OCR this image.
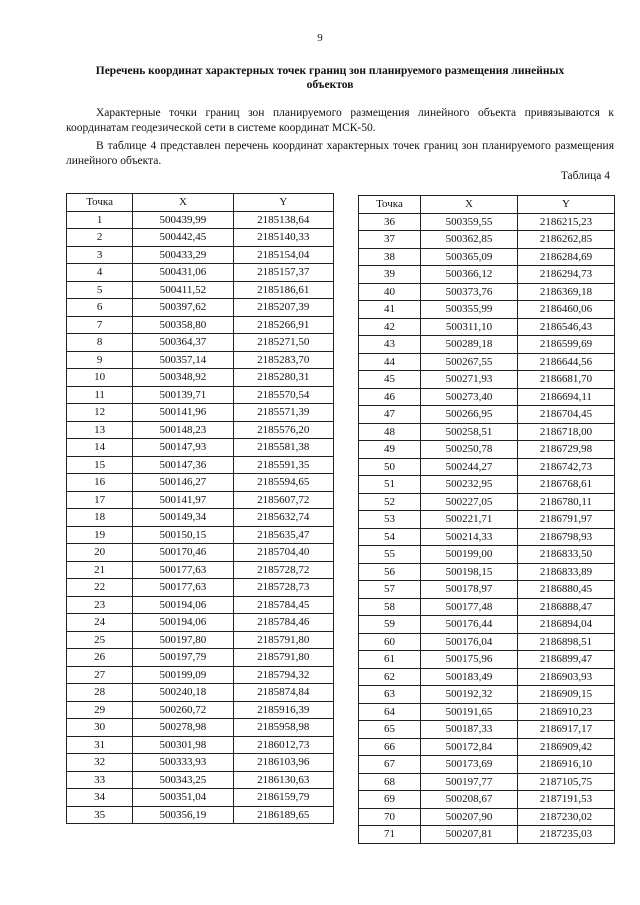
9
Перечень координат характерных точек границ зон планируемого размещения линейных объектов
Характерные точки границ зон планируемого размещения линейного объекта привязываются к координатам геодезической сети в системе координат МСК-50.
В таблице 4 представлен перечень координат характерных точек границ зон планируемого размещения линейного объекта.
Таблица 4
Точка	X	Y
1	500439,99	2185138,64
2	500442,45	2185140,33
3	500433,29	2185154,04
4	500431,06	2185157,37
5	500411,52	2185186,61
6	500397,62	2185207,39
7	500358,80	2185266,91
8	500364,37	2185271,50
9	500357,14	2185283,70
10	500348,92	2185280,31
11	500139,71	2185570,54
12	500141,96	2185571,39
13	500148,23	2185576,20
14	500147,93	2185581,38
15	500147,36	2185591,35
16	500146,27	2185594,65
17	500141,97	2185607,72
18	500149,34	2185632,74
19	500150,15	2185635,47
20	500170,46	2185704,40
21	500177,63	2185728,72
22	500177,63	2185728,73
23	500194,06	2185784,45
24	500194,06	2185784,46
25	500197,80	2185791,80
26	500197,79	2185791,80
27	500199,09	2185794,32
28	500240,18	2185874,84
29	500260,72	2185916,39
30	500278,98	2185958,98
31	500301,98	2186012,73
32	500333,93	2186103,96
33	500343,25	2186130,63
34	500351,04	2186159,79
35	500356,19	2186189,65
Точка	X	Y
36	500359,55	2186215,23
37	500362,85	2186262,85
38	500365,09	2186284,69
39	500366,12	2186294,73
40	500373,76	2186369,18
41	500355,99	2186460,06
42	500311,10	2186546,43
43	500289,18	2186599,69
44	500267,55	2186644,56
45	500271,93	2186681,70
46	500273,40	2186694,11
47	500266,95	2186704,45
48	500258,51	2186718,00
49	500250,78	2186729,98
50	500244,27	2186742,73
51	500232,95	2186768,61
52	500227,05	2186780,11
53	500221,71	2186791,97
54	500214,33	2186798,93
55	500199,00	2186833,50
56	500198,15	2186833,89
57	500178,97	2186880,45
58	500177,48	2186888,47
59	500176,44	2186894,04
60	500176,04	2186898,51
61	500175,96	2186899,47
62	500183,49	2186903,93
63	500192,32	2186909,15
64	500191,65	2186910,23
65	500187,33	2186917,17
66	500172,84	2186909,42
67	500173,69	2186916,10
68	500197,77	2187105,75
69	500208,67	2187191,53
70	500207,90	2187230,02
71	500207,81	2187235,03
